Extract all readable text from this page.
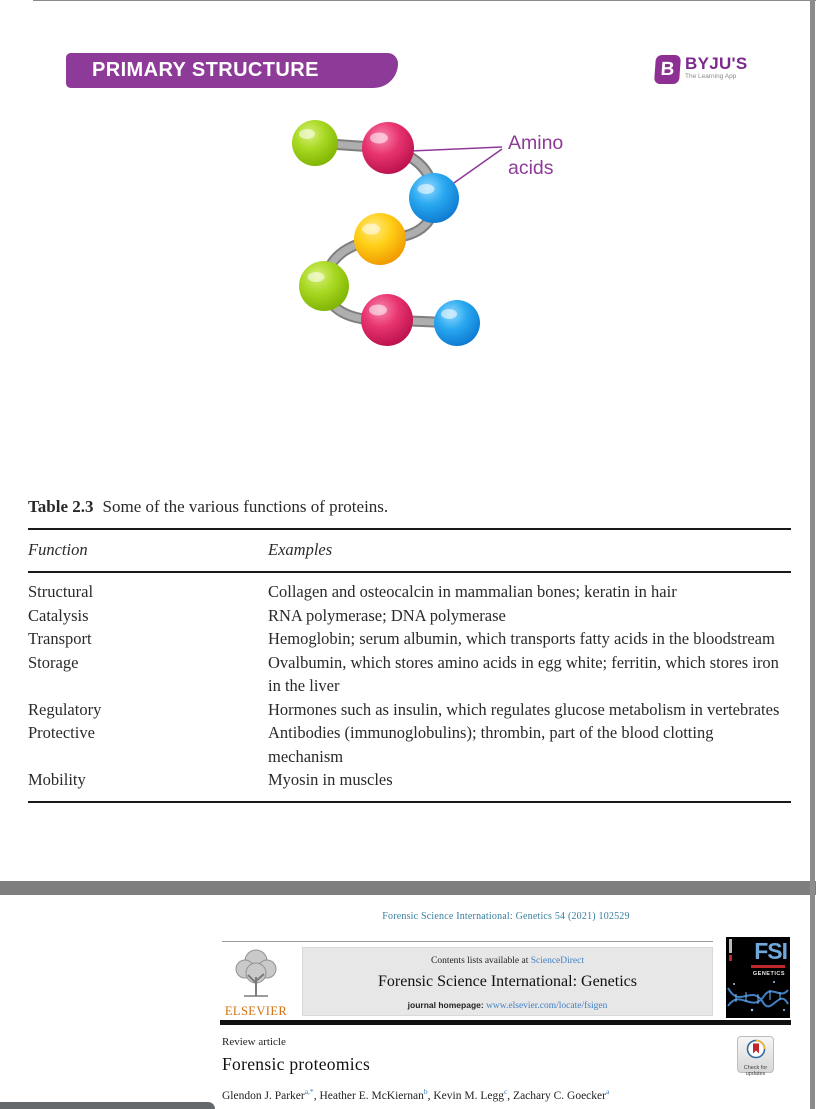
PRIMARY STRUCTURE	B BYJU'S
The Learning App
Amino
acids
Table 2.3 Some of the various functions of proteins.
Function	Examples
Structural	Collagen and osteocalcin in mammalian bones; keratin in hair
Catalysis	RNA polymerase; DNA polymerase
Transport	Hemoglobin; serum albumin, which transports fatty acids in the bloodstream
Storage	Ovalbumin, which stores amino acids in egg white; ferritin, which stores iron in the liver
Regulatory	Hormones such as insulin, which regulates glucose metabolism in vertebrates
Protective	Antibodies (immunoglobulins); thrombin, part of the blood clotting mechanism
Mobility	Myosin in muscles
Forensic Science International: Genetics 54 (2021) 102529
ELSEVIER
Contents lists available at ScienceDirect
Forensic Science International: Genetics
journal homepage: www.elsevier.com/locate/fsigen
FSI
GENETICS
Review article
Forensic proteomics
Glendon J. Parker$^{a,*}$, Heather E. McKiernan$^b$, Kevin M. Legg$^c$, Zachary C. Goecker$^a$
Check for
updates
